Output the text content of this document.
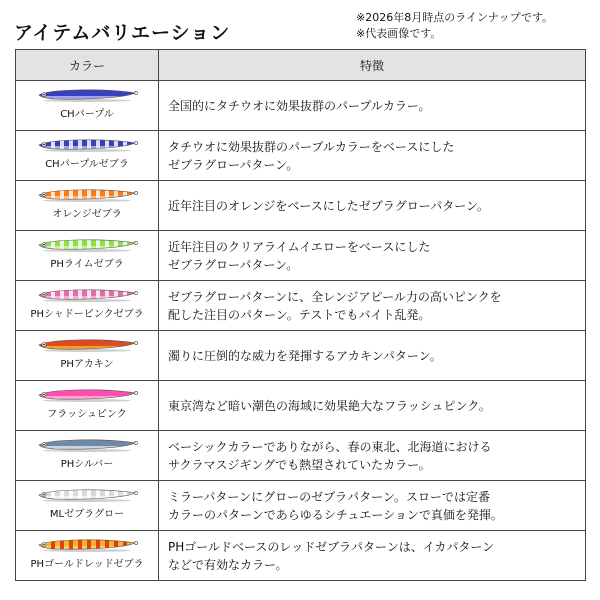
アイテムバリエーション
※2026年8月時点のラインナップです。
※代表画像です。
カラー	特徴

CHパープル	全国的にタチウオに効果抜群のパープルカラー。

CHパープルゼブラ	タチウオに効果抜群のパープルカラーをベースにした
ゼブラグローパターン。

オレンジゼブラ	近年注目のオレンジをベースにしたゼブラグローパターン。

PHライムゼブラ	近年注目のクリアライムイエローをベースにした
ゼブラグローパターン。

PHシャドーピンクゼブラ	ゼブラグローパターンに、全レンジアピール力の高いピンクを
配した注目のパターン。テストでもバイト乱発。

PHアカキン	濁りに圧倒的な威力を発揮するアカキンパターン。

フラッシュピンク	東京湾など暗い潮色の海域に効果絶大なフラッシュピンク。

PHシルバー	ベーシックカラーでありながら、春の東北、北海道における
サクラマスジギングでも熱望されていたカラー。

MLゼブラグロー	ミラーパターンにグローのゼブラパターン。スローでは定番
カラーのパターンであらゆるシチュエーションで真価を発揮。

PHゴールドレッドゼブラ	PHゴールドベースのレッドゼブラパターンは、イカパターン
などで有効なカラー。
